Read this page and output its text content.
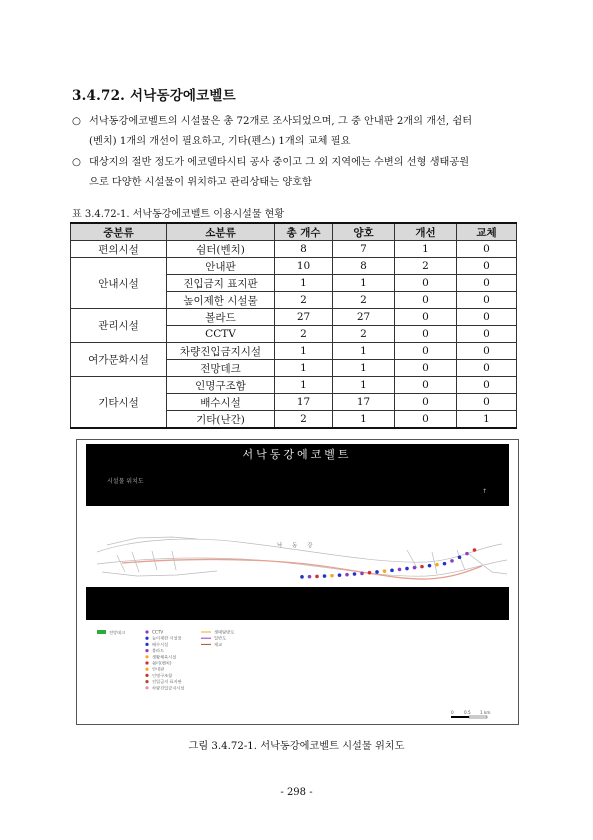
3.4.72. 서낙동강에코벨트
○ 서낙동강에코벨트의 시설물은 총 72개로 조사되었으며, 그 중 안내판 2개의 개선, 쉼터
(벤치) 1개의 개선이 필요하고, 기타(펜스) 1개의 교체 필요
○ 대상지의 절반 정도가 에코델타시티 공사 중이고 그 외 지역에는 수변의 선형 생태공원
으로 다양한 시설물이 위치하고 관리상태는 양호함
표 3.4.72-1. 서낙동강에코벨트 이용시설물 현황
중분류	소분류	총 개수	양호	개선	교체
편의시설	쉼터(벤치)	8	7	1	0
안내시설	안내판	10	8	2	0
	진입금지 표지판	1	1	0	0
	높이제한 시설물	2	2	0	0
관리시설	볼라드	27	27	0	0
	CCTV	2	2	0	0
여가문화시설	차량진입금지시설	1	1	0	0
	전망데크	1	1	0	0
기타시설	인명구조함	1	1	0	0
	배수시설	17	17	0	0
	기타(난간)	2	1	0	1
서낙동강에코벨트
시설물 위치도
↑
낙 동 강
전망데크	CCTV
높이제한 시설물
배수시설
볼라드
생활체육시설
쉼터(벤치)
안내판
인명구조함
진입금지 표지판
차량진입금지시설
생태탐방로
일반도
제교
0 0.5 1 km
그림 3.4.72-1. 서낙동강에코벨트 시설물 위치도
- 298 -
